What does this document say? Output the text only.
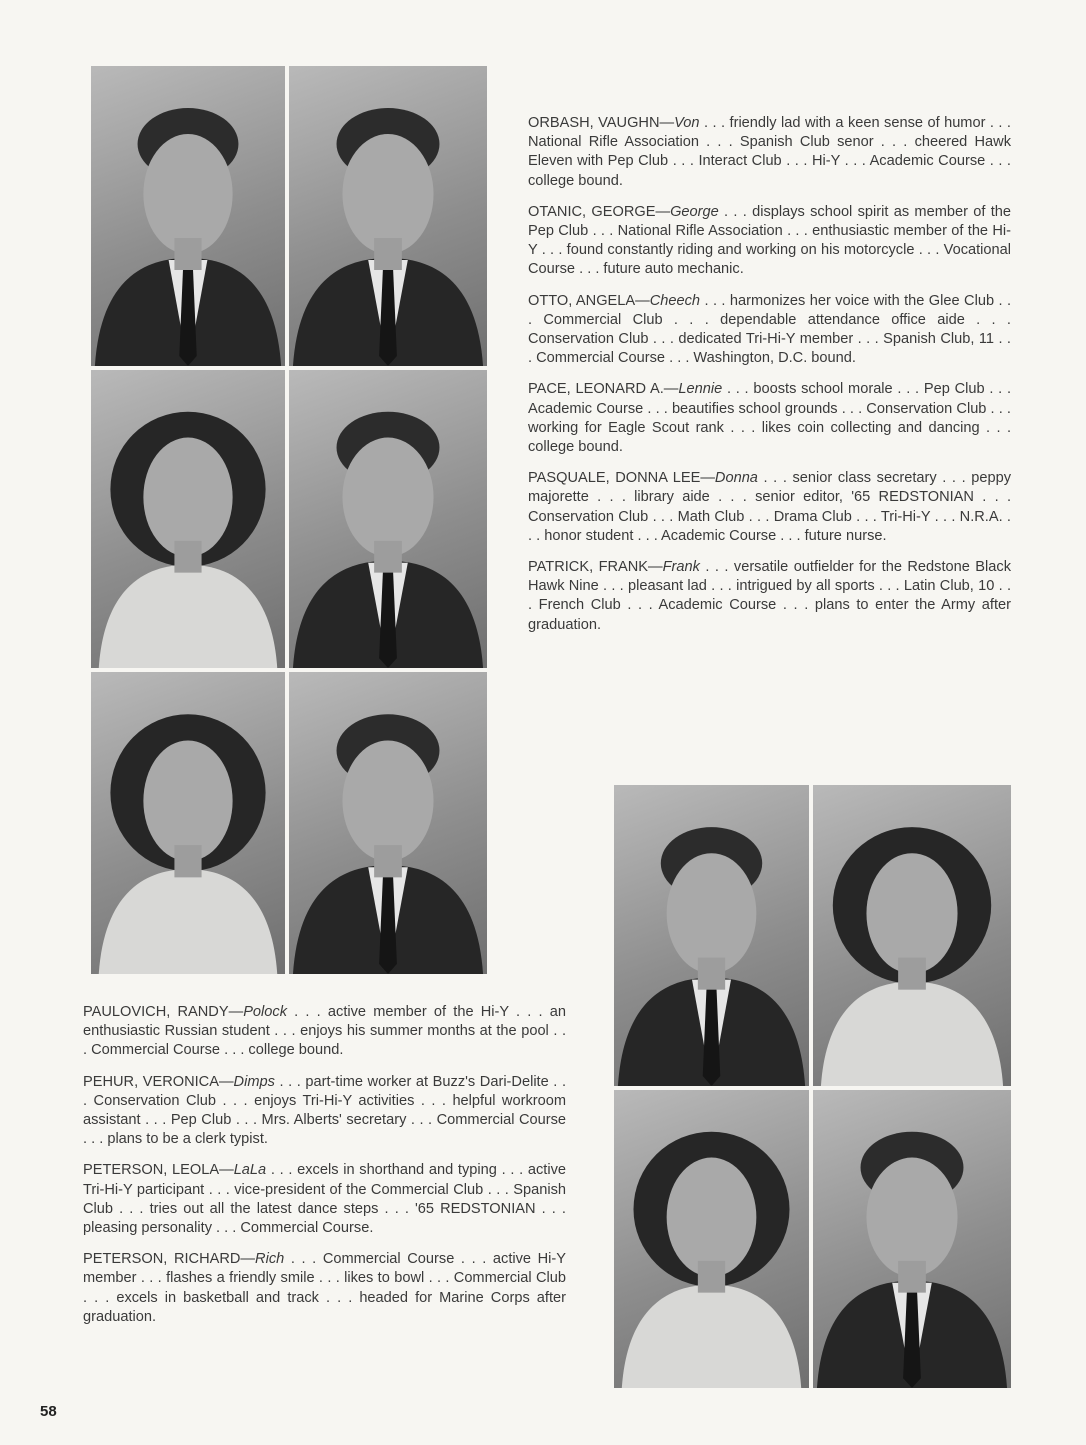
ORBASH, VAUGHN—Von . . . friendly lad with a keen sense of humor . . . National Rifle Association . . . Spanish Club senor . . . cheered Hawk Eleven with Pep Club . . . Interact Club . . . Hi-Y . . . Academic Course . . . college bound.

OTANIC, GEORGE—George . . . displays school spirit as member of the Pep Club . . . National Rifle Association . . . enthusiastic member of the Hi-Y . . . found constantly riding and working on his motorcycle . . . Vocational Course . . . future auto mechanic.

OTTO, ANGELA—Cheech . . . harmonizes her voice with the Glee Club . . . Commercial Club . . . dependable attendance office aide . . . Conservation Club . . . dedicated Tri-Hi-Y member . . . Spanish Club, 11 . . . Commercial Course . . . Washington, D.C. bound.

PACE, LEONARD A.—Lennie . . . boosts school morale . . . Pep Club . . . Academic Course . . . beautifies school grounds . . . Conservation Club . . . working for Eagle Scout rank . . . likes coin collecting and dancing . . . college bound.

PASQUALE, DONNA LEE—Donna . . . senior class secretary . . . peppy majorette . . . library aide . . . senior editor, '65 REDSTONIAN . . . Conservation Club . . . Math Club . . . Drama Club . . . Tri-Hi-Y . . . N.R.A. . . . honor student . . . Academic Course . . . future nurse.

PATRICK, FRANK—Frank . . . versatile outfielder for the Redstone Black Hawk Nine . . . pleasant lad . . . intrigued by all sports . . . Latin Club, 10 . . . French Club . . . Academic Course . . . plans to enter the Army after graduation.

PAULOVICH, RANDY—Polock . . . active member of the Hi-Y . . . an enthusiastic Russian student . . . enjoys his summer months at the pool . . . Commercial Course . . . college bound.

PEHUR, VERONICA—Dimps . . . part-time worker at Buzz's Dari-Delite . . . Conservation Club . . . enjoys Tri-Hi-Y activities . . . helpful workroom assistant . . . Pep Club . . . Mrs. Alberts' secretary . . . Commercial Course . . . plans to be a clerk typist.

PETERSON, LEOLA—LaLa . . . excels in shorthand and typing . . . active Tri-Hi-Y participant . . . vice-president of the Commercial Club . . . Spanish Club . . . tries out all the latest dance steps . . . '65 REDSTONIAN . . . pleasing personality . . . Commercial Course.

PETERSON, RICHARD—Rich . . . Commercial Course . . . active Hi-Y member . . . flashes a friendly smile . . . likes to bowl . . . Commercial Club . . . excels in basketball and track . . . headed for Marine Corps after graduation.

58
